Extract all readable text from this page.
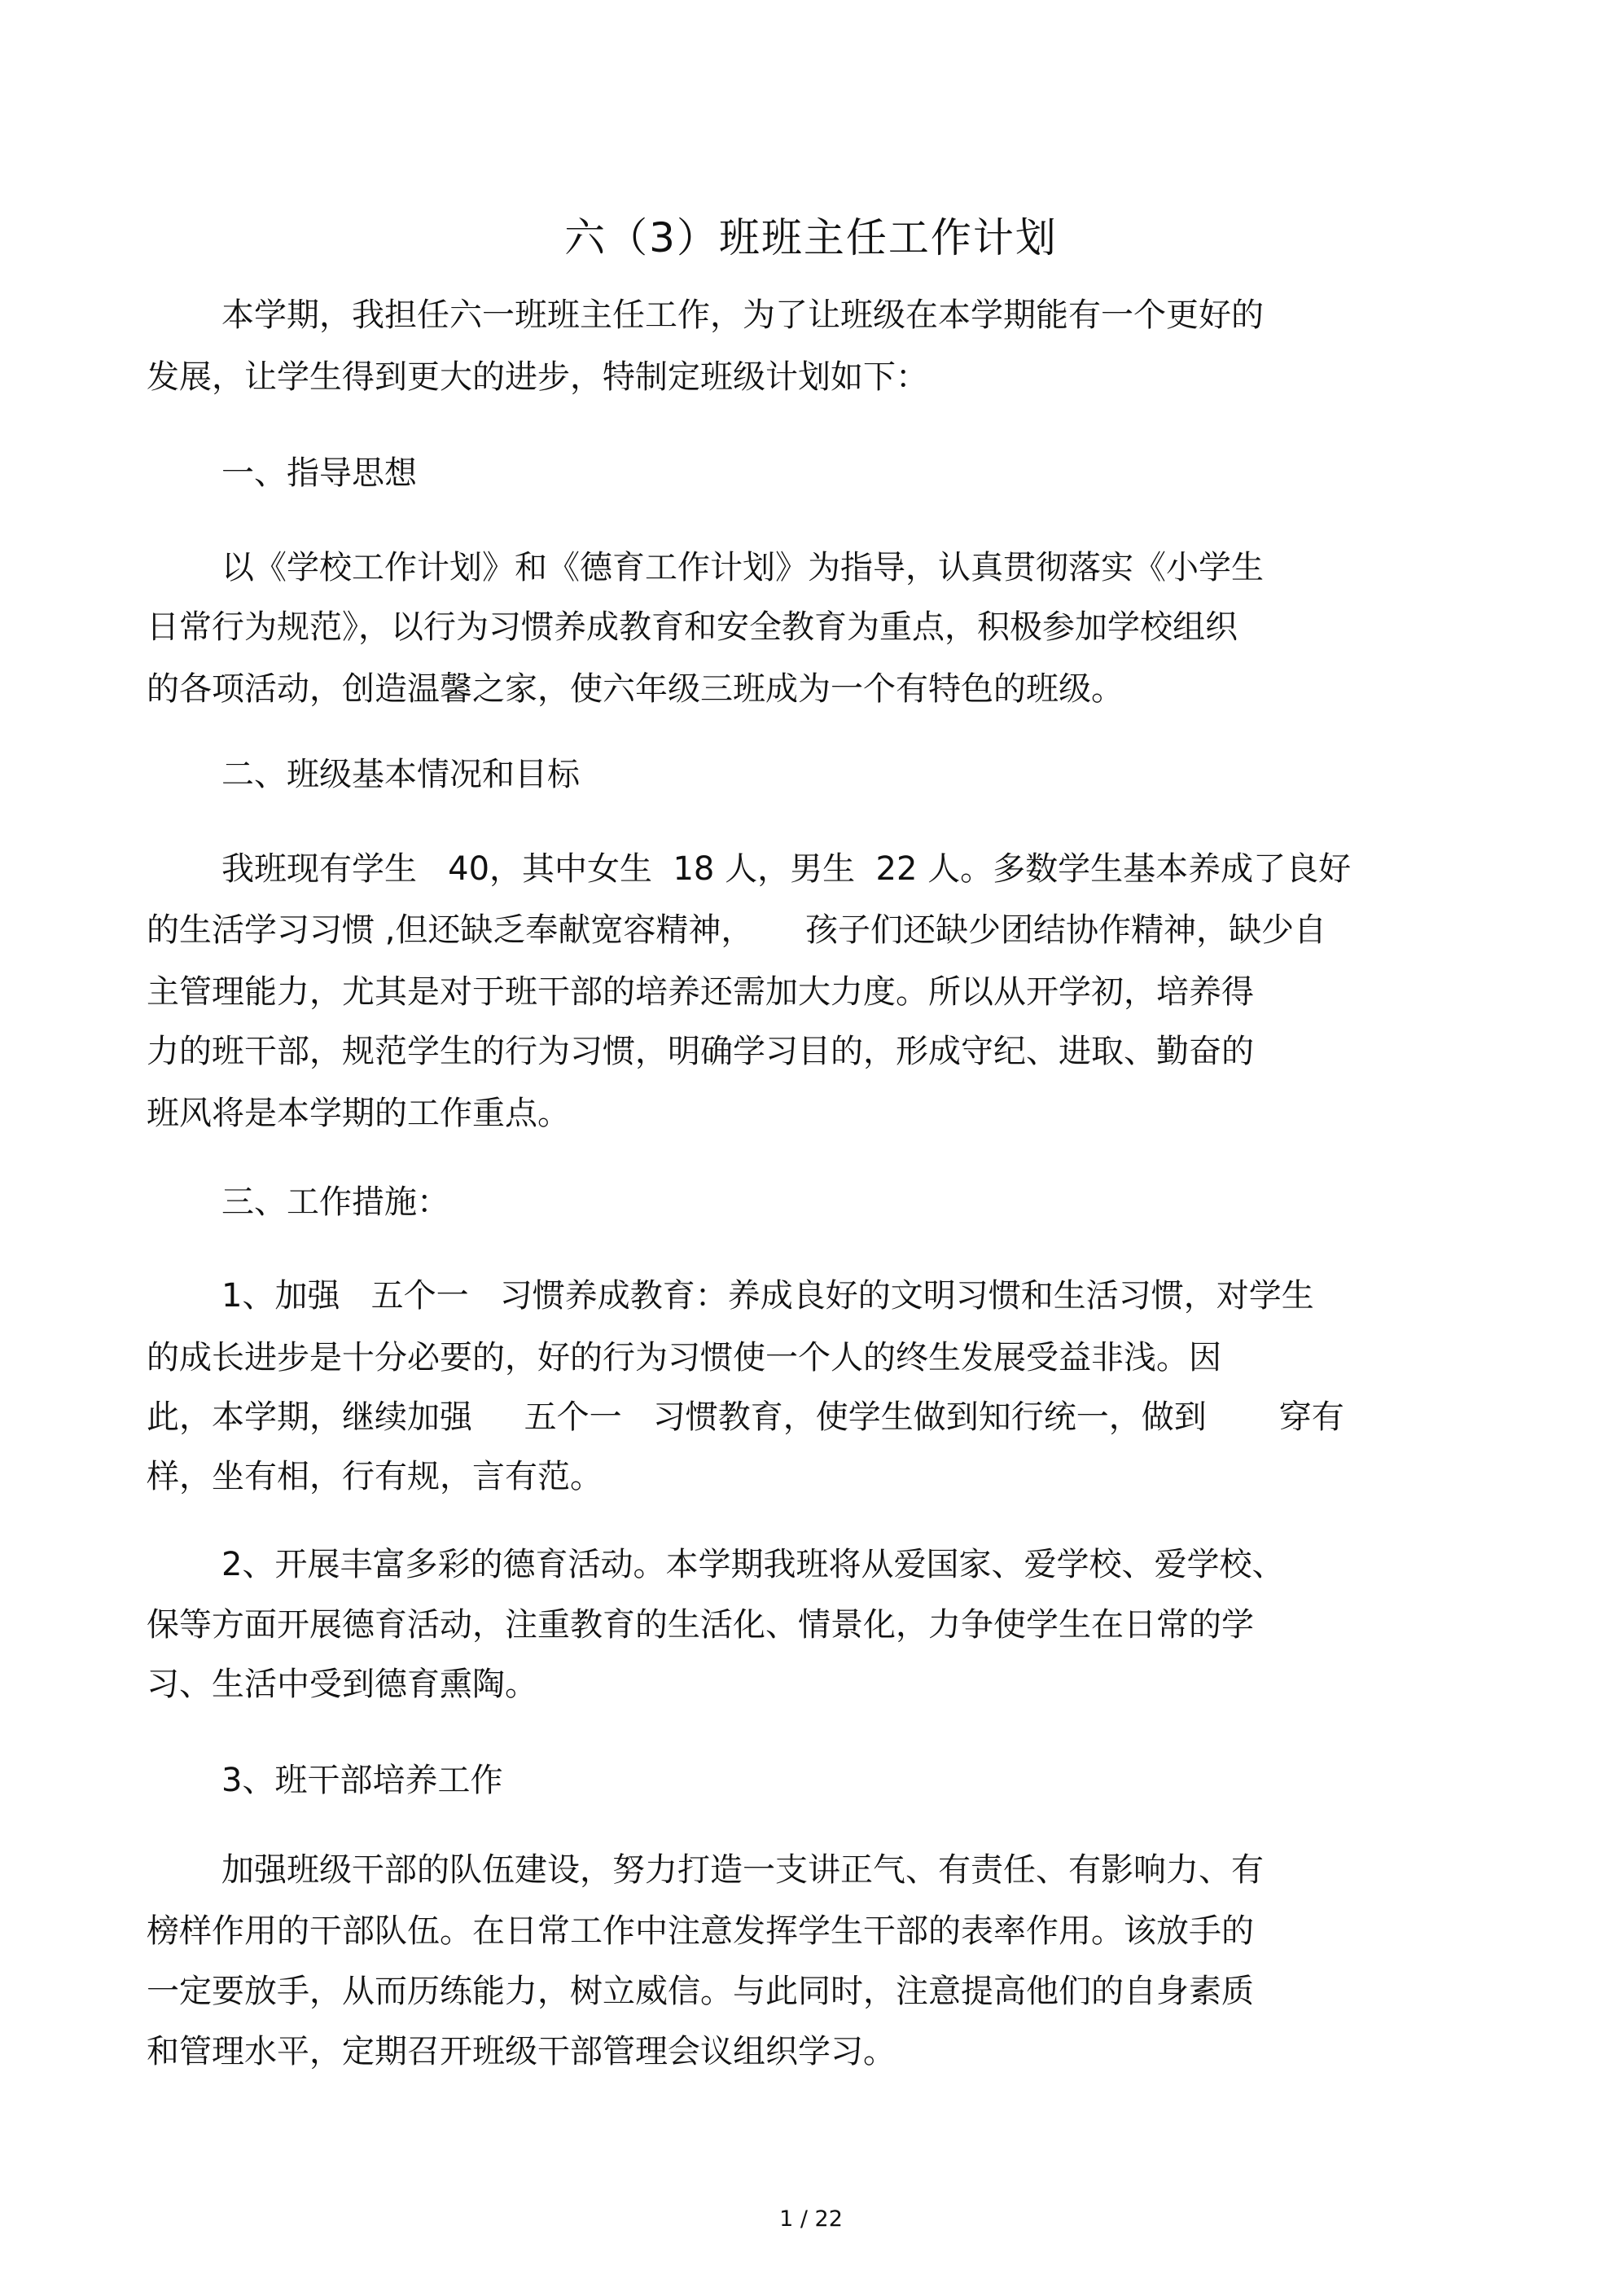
六（3）班班主任工作计划
本学期，我担任六一班班主任工作，为了让班级在本学期能有一个更好的
发展，让学生得到更大的进步，特制定班级计划如下：
一、指导思想
以《学校工作计划》和《德育工作计划》为指导，认真贯彻落实《小学生
日常行为规范》，以行为习惯养成教育和安全教育为重点，积极参加学校组织
的各项活动，创造温馨之家，使六年级三班成为一个有特色的班级。
二、班级基本情况和目标
我班现有学生   40，其中女生  18 人，男生  22 人。多数学生基本养成了良好
的生活学习习惯 ,但还缺乏奉献宽容精神，     孩子们还缺少团结协作精神，缺少自
主管理能力，尤其是对于班干部的培养还需加大力度。所以从开学初，培养得
力的班干部，规范学生的行为习惯，明确学习目的，形成守纪、进取、勤奋的
班风将是本学期的工作重点。
三、工作措施：
1、加强   五个一   习惯养成教育：养成良好的文明习惯和生活习惯，对学生
的成长进步是十分必要的，好的行为习惯使一个人的终生发展受益非浅。因
此，本学期，继续加强     五个一   习惯教育，使学生做到知行统一，做到       穿有
样，坐有相，行有规，言有范。
2、开展丰富多彩的德育活动。本学期我班将从爱国家、爱学校、爱学校、
保等方面开展德育活动，注重教育的生活化、情景化，力争使学生在日常的学
习、生活中受到德育熏陶。
3、班干部培养工作
加强班级干部的队伍建设，努力打造一支讲正气、有责任、有影响力、有
榜样作用的干部队伍。在日常工作中注意发挥学生干部的表率作用。该放手的
一定要放手，从而历练能力，树立威信。与此同时，注意提高他们的自身素质
和管理水平，定期召开班级干部管理会议组织学习。
1 / 22
